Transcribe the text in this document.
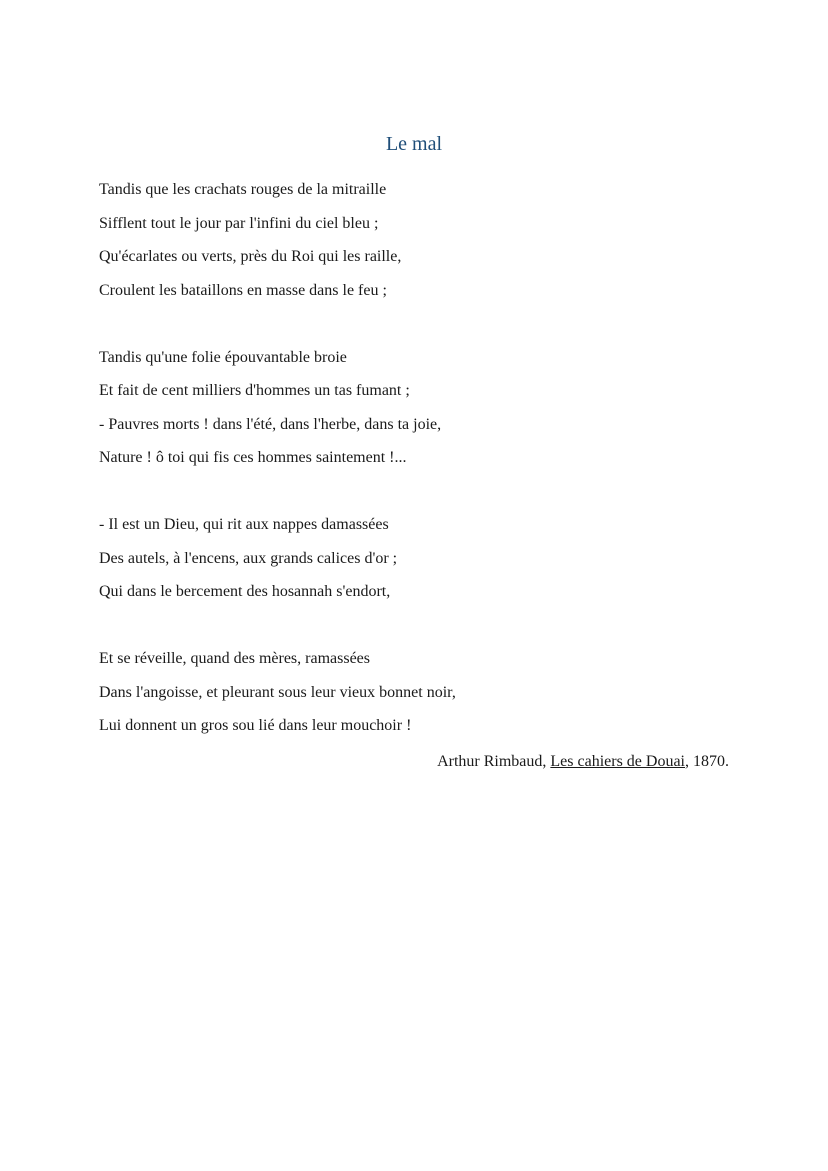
Le mal
Tandis que les crachats rouges de la mitraille
Sifflent tout le jour par l'infini du ciel bleu ;
Qu'écarlates ou verts, près du Roi qui les raille,
Croulent les bataillons en masse dans le feu ;
Tandis qu'une folie épouvantable broie
Et fait de cent milliers d'hommes un tas fumant ;
- Pauvres morts ! dans l'été, dans l'herbe, dans ta joie,
Nature ! ô toi qui fis ces hommes saintement !...
- Il est un Dieu, qui rit aux nappes damassées
Des autels, à l'encens, aux grands calices d'or ;
Qui dans le bercement des hosannah s'endort,
Et se réveille, quand des mères, ramassées
Dans l'angoisse, et pleurant sous leur vieux bonnet noir,
Lui donnent un gros sou lié dans leur mouchoir !
Arthur Rimbaud, Les cahiers de Douai, 1870.
